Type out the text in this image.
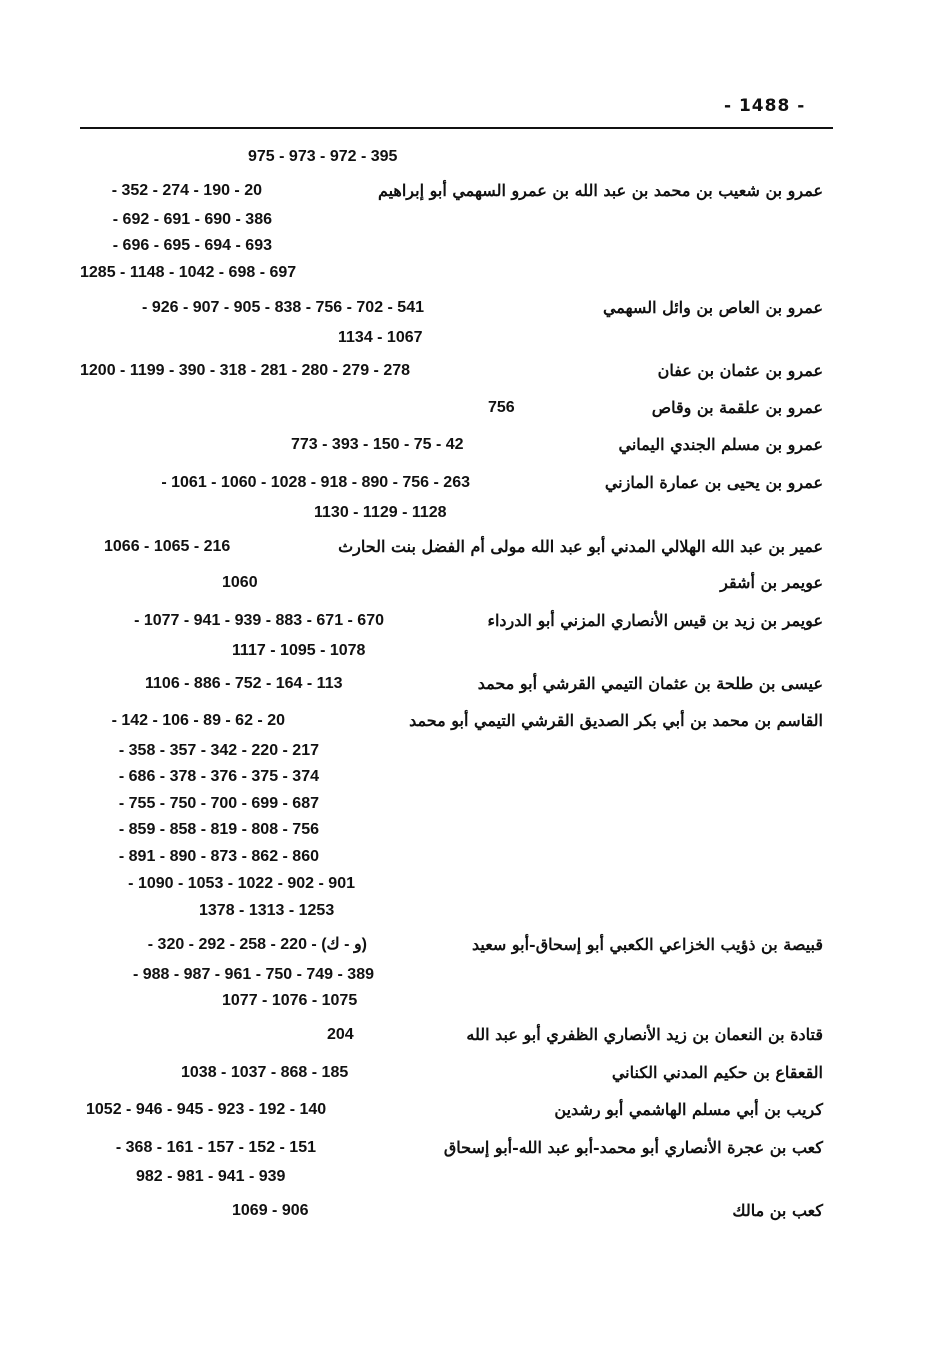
- 1488 -
975 - 973 - 972 - 395
عمرو بن شعيب بن محمد بن عبد الله بن عمرو السهمي أبو إبراهيم
- 352 - 274 - 190 - 20
- 692 - 691 - 690 - 386
- 696 - 695 - 694 - 693
1285 - 1148 - 1042 - 698 - 697
عمرو بن العاص بن وائل السهمي
- 926 - 907 - 905 - 838 - 756 - 702 - 541
1134 - 1067
عمرو بن عثمان بن عفان
1200 - 1199 - 390 - 318 - 281 - 280 - 279 - 278
عمرو بن علقمة بن وقاص
756
عمرو بن مسلم الجندي اليماني
773 - 393 - 150 - 75 - 42
عمرو بن يحيى بن عمارة المازني
- 1061 - 1060 - 1028 - 918 - 890 - 756 - 263
1130 - 1129 - 1128
عمير بن عبد الله الهلالي المدني أبو عبد الله مولى أم الفضل بنت الحارث
1066 - 1065 - 216
عويمر بن أشقر
1060
عويمر بن زيد بن قيس الأنصاري المزني أبو الدرداء
- 1077 - 941 - 939 - 883 - 671 - 670
1117 - 1095 - 1078
عيسى بن طلحة بن عثمان التيمي القرشي أبو محمد
1106 - 886 - 752 - 164 - 113
القاسم بن محمد بن أبي بكر الصديق القرشي التيمي أبو محمد
- 142 - 106 - 89 - 62 - 20
- 358 - 357 - 342 - 220 - 217
- 686 - 378 - 376 - 375 - 374
- 755 - 750 - 700 - 699 - 687
- 859 - 858 - 819 - 808 - 756
- 891 - 890 - 873 - 862 - 860
- 1090 - 1053 - 1022 - 902 - 901
1378 - 1313 - 1253
قبيصة بن ذؤيب الخزاعي الكعبي أبو إسحاق-أبو سعيد
- 320 - 292 - 258 - 220 - (و - ك)
- 988 - 987 - 961 - 750 - 749 - 389
1077 - 1076 - 1075
قتادة بن النعمان بن زيد الأنصاري الظفري أبو عبد الله
204
القعقاع بن حكيم المدني الكناني
1038 - 1037 - 868 - 185
كريب بن أبي مسلم الهاشمي أبو رشدين
1052 - 946 - 945 - 923 - 192 - 140
كعب بن عجرة الأنصاري أبو محمد-أبو عبد الله-أبو إسحاق
- 368 - 161 - 157 - 152 - 151
982 - 981 - 941 - 939
كعب بن مالك
1069 - 906
